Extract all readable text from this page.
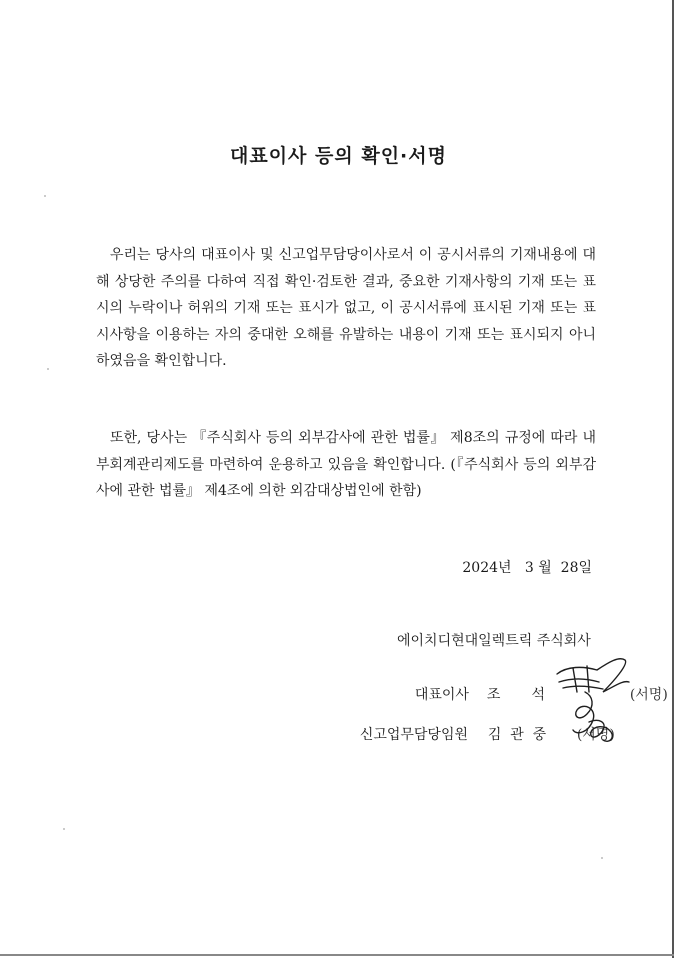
대표이사 등의 확인·서명
우리는 당사의 대표이사 및 신고업무담당이사로서 이 공시서류의 기재내용에 대해 상당한 주의를 다하여 직접 확인·검토한 결과, 중요한 기재사항의 기재 또는 표시의 누락이나 허위의 기재 또는 표시가 없고, 이 공시서류에 표시된 기재 또는 표시사항을 이용하는 자의 중대한 오해를 유발하는 내용이 기재 또는 표시되지 아니하였음을 확인합니다.
또한, 당사는 『주식회사 등의 외부감사에 관한 법률』 제8조의 규정에 따라 내부회계관리제도를 마련하여 운용하고 있음을 확인합니다. (『주식회사 등의 외부감사에 관한 법률』 제4조에 의한 외감대상법인에 한함)
2024년   3 월  28일
에이치디현대일렉트릭 주식회사

대표이사 조       석	(서명)

신고업무담당임원 김  관  중 (서명)
